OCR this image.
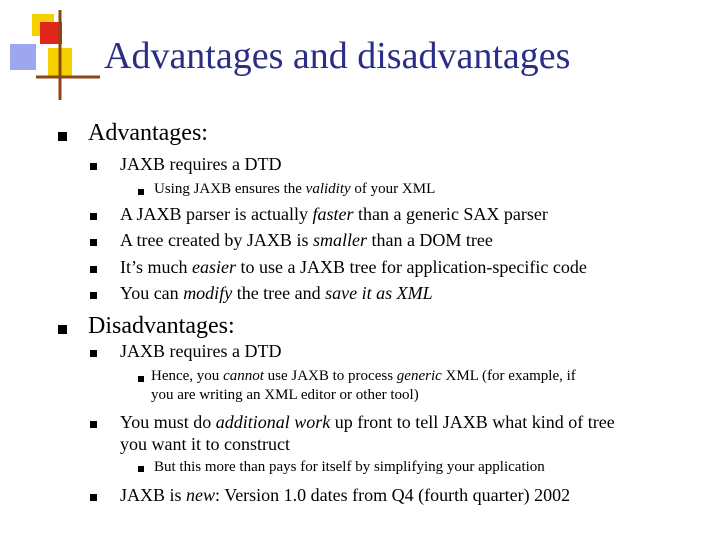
Advantages and disadvantages
Advantages:
JAXB requires a DTD
Using JAXB ensures the validity of your XML
A JAXB parser is actually faster than a generic SAX parser
A tree created by JAXB is smaller than a DOM tree
It’s much easier to use a JAXB tree for application-specific code
You can modify the tree and save it as XML
Disadvantages:
JAXB requires a DTD
Hence, you cannot use JAXB to process generic XML (for example, if
you are writing an XML editor or other tool)
You must do additional work up front to tell JAXB what kind of tree
you want it to construct
But this more than pays for itself by simplifying your application
JAXB is new: Version 1.0 dates from Q4 (fourth quarter) 2002
